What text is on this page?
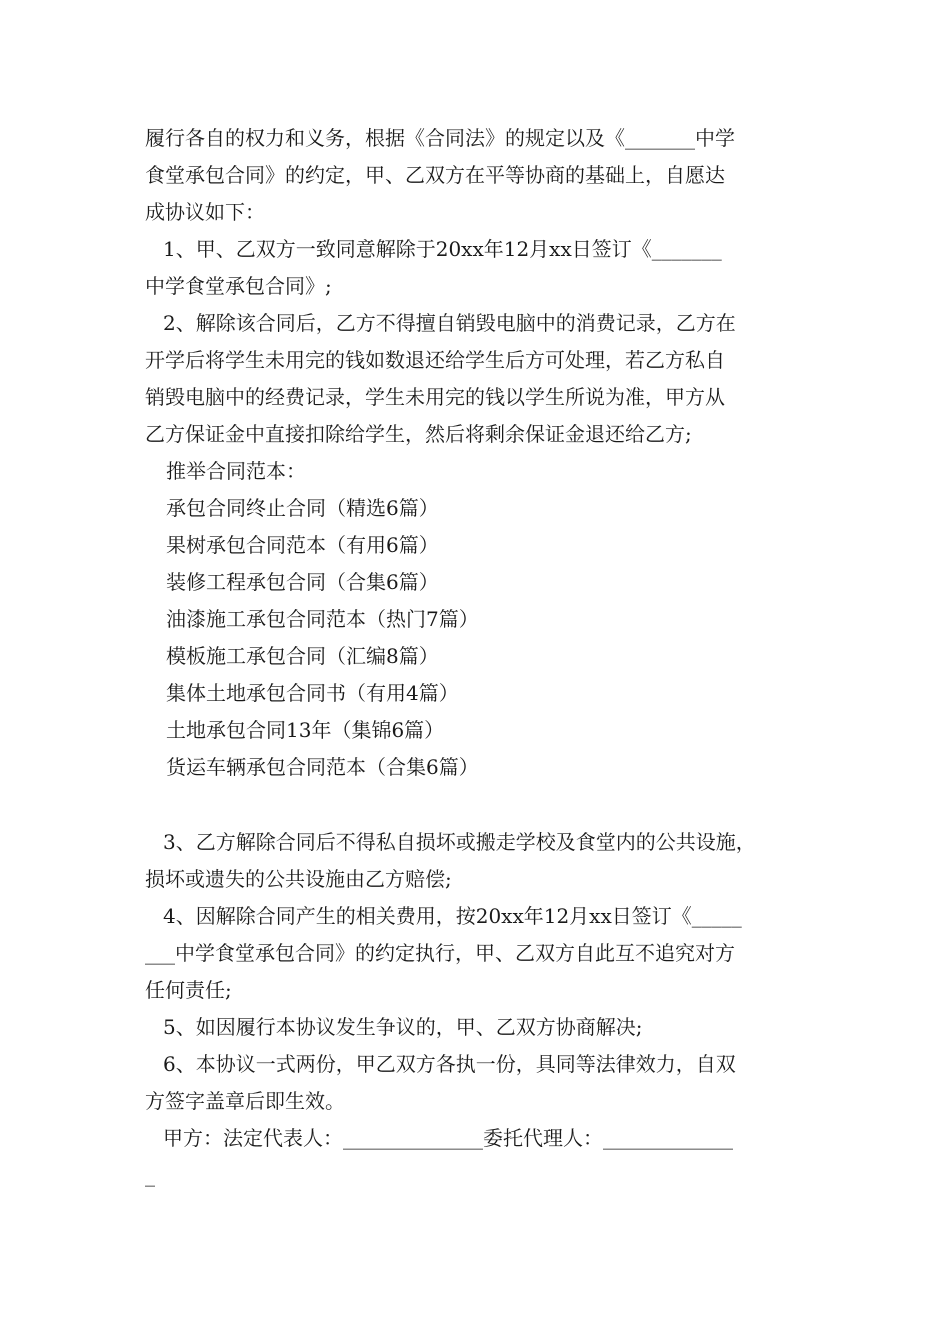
履行各自的权力和义务，根据《合同法》的规定以及《_______中学
食堂承包合同》的约定，甲、乙双方在平等协商的基础上，自愿达
成协议如下：
1、甲、乙双方一致同意解除于20xx年12月xx日签订《_______
中学食堂承包合同》;
2、解除该合同后，乙方不得擅自销毁电脑中的消费记录，乙方在
开学后将学生未用完的钱如数退还给学生后方可处理，若乙方私自
销毁电脑中的经费记录，学生未用完的钱以学生所说为准，甲方从
乙方保证金中直接扣除给学生，然后将剩余保证金退还给乙方;
推举合同范本：
承包合同终止合同（精选6篇）
果树承包合同范本（有用6篇）
装修工程承包合同（合集6篇）
油漆施工承包合同范本（热门7篇）
模板施工承包合同（汇编8篇）
集体土地承包合同书（有用4篇）
土地承包合同13年（集锦6篇）
货运车辆承包合同范本（合集6篇）
3、乙方解除合同后不得私自损坏或搬走学校及食堂内的公共设施，
损坏或遗失的公共设施由乙方赔偿;
4、因解除合同产生的相关费用，按20xx年12月xx日签订《_____
___中学食堂承包合同》的约定执行，甲、乙双方自此互不追究对方
任何责任;
5、如因履行本协议发生争议的，甲、乙双方协商解决;
6、本协议一式两份，甲乙双方各执一份，具同等法律效力，自双
方签字盖章后即生效。
甲方：法定代表人：______________委托代理人：_____________
_
